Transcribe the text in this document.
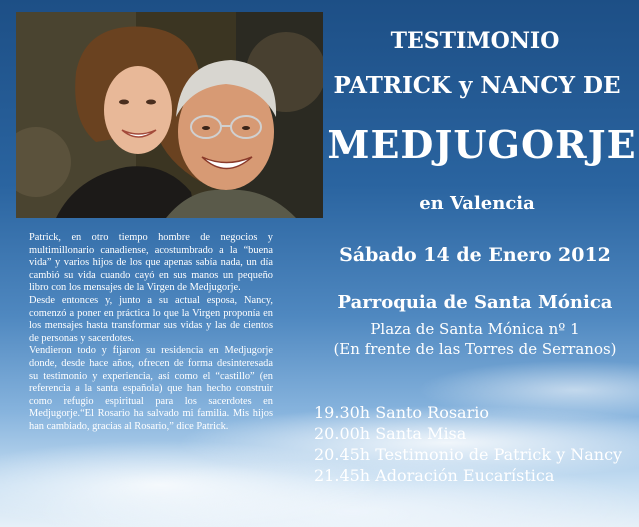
Patrick, en otro tiempo hombre de negocios y multimillonario canadiense, acostumbrado a la “buena vida” y varios hijos de los que apenas sabía nada, un día cambió su vida cuando cayó en sus manos un pequeño libro con los mensajes de la Virgen de Medjugorje.

Desde entonces y, junto a su actual esposa, Nancy, comenzó a poner en práctica lo que la Virgen proponía en los mensajes hasta transformar sus vidas y las de cientos de personas y sacerdotes.

Vendieron todo y fijaron su residencia en Medjugorje donde, desde hace años, ofrecen de forma desinteresada su testimonio y experiencia, así como el “castillo” (en referencia a la santa española) que han hecho construir como refugio espiritual para los sacerdotes en Medjugorje.“El Rosario ha salvado mi familia. Mis hijos han cambiado, gracias al Rosario,” dice Patrick.

TESTIMONIO
PATRICK y NANCY DE
MEDJUGORJE
en Valencia
Sábado 14 de Enero 2012
Parroquia de Santa Mónica
Plaza de Santa Mónica nº 1
(En frente de las Torres de Serranos)
19.30h Santo Rosario
20.00h Santa Misa
20.45h Testimonio de Patrick y Nancy
21.45h Adoración Eucarística
